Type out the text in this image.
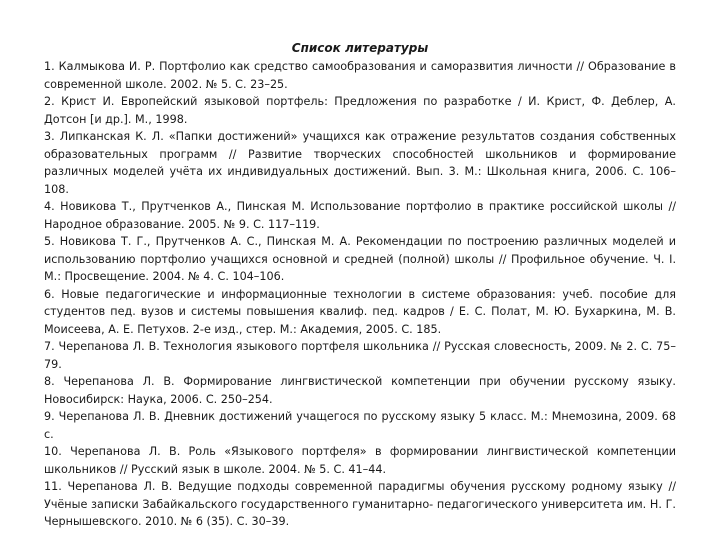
Список литературы
1. Калмыкова И. Р. Портфолио как средство самообразования и саморазвития личности // Образование в современной школе. 2002. № 5. С. 23–25.
2. Крист И. Европейский языковой портфель: Предложения по разработке / И. Крист, Ф. Деблер, А. Дотсон [и др.]. М., 1998.
3. Липканская К. Л. «Папки достижений» учащихся как отражение результатов создания собственных образовательных программ // Развитие творческих способностей школьников и формирование различных моделей учёта их индивидуальных достижений. Вып. 3. М.: Школьная книга, 2006. С. 106–108.
4. Новикова Т., Прутченков А., Пинская М. Использование портфолио в практике российской школы // Народное образование. 2005. № 9. С. 117–119.
5. Новикова Т. Г., Прутченков А. С., Пинская М. А. Рекомендации по построению различных моделей и использованию портфолио учащихся основной и средней (полной) школы // Профильное обучение. Ч. I. М.: Просвещение. 2004. № 4. С. 104–106.
6. Новые педагогические и информационные технологии в системе образования: учеб. пособие для студентов пед. вузов и системы повышения квалиф. пед. кадров / Е. С. Полат, М. Ю. Бухаркина, М. В. Моисеева, А. Е. Петухов. 2-е изд., стер. М.: Академия, 2005. С. 185.
7. Черепанова Л. В. Технология языкового портфеля школьника // Русская словесность, 2009. № 2. С. 75–79.
8. Черепанова Л. В. Формирование лингвистической компетенции при обучении русскому языку. Новосибирск: Наука, 2006. С. 250–254.
9. Черепанова Л. В. Дневник достижений учащегося по русскому языку 5 класс. М.: Мнемозина, 2009. 68 с.
10. Черепанова Л. В. Роль «Языкового портфеля» в формировании лингвистической компетенции школьников // Русский язык в школе. 2004. № 5. С. 41–44.
11. Черепанова Л. В. Ведущие подходы современной парадигмы обучения русскому родному языку // Учёные записки Забайкальского государственного гуманитарно- педагогического университета им. Н. Г. Чернышевского. 2010. № 6 (35). С. 30–39.
